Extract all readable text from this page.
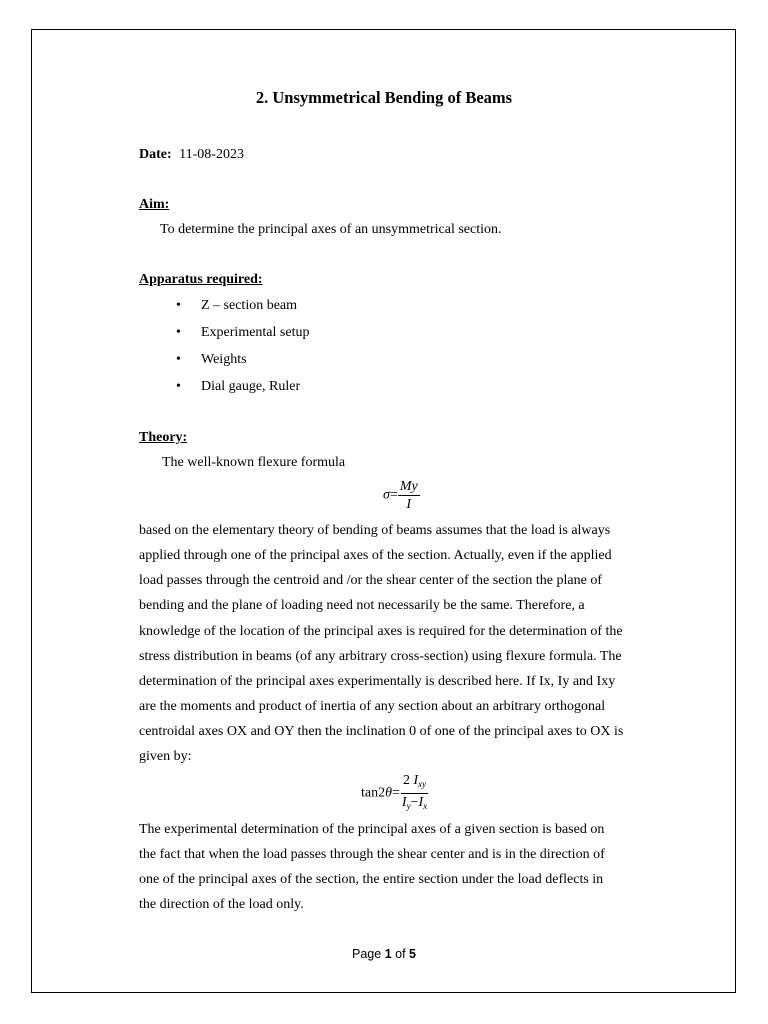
2. Unsymmetrical Bending of Beams
Date: 11-08-2023
Aim:
To determine the principal axes of an unsymmetrical section.
Apparatus required:
• Z – section beam
• Experimental setup
• Weights
• Dial gauge, Ruler
Theory:
The well-known flexure formula
$\sigma= \frac{My}{I}$
based on the elementary theory of bending of beams assumes that the load is always
applied through one of the principal axes of the section. Actually, even if the applied
load passes through the centroid and /or the shear center of the section the plane of
bending and the plane of loading need not necessarily be the same. Therefore, a
knowledge of the location of the principal axes is required for the determination of the
stress distribution in beams (of any arbitrary cross-section) using flexure formula. The
determination of the principal axes experimentally is described here. If Ix, Iy and Ixy
are the moments and product of inertia of any section about an arbitrary orthogonal
centroidal axes OX and OY then the inclination 0 of one of the principal axes to OX is
given by:
$\tan 2\theta= \frac{2 I_{xy}}{I_y-I_x}$
The experimental determination of the principal axes of a given section is based on
the fact that when the load passes through the shear center and is in the direction of
one of the principal axes of the section, the entire section under the load deflects in
the direction of the load only.
Page 1 of 5
